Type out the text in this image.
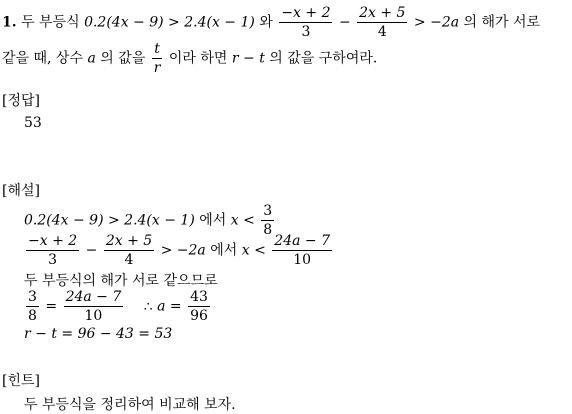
1. 두 부등식 0.2(4x − 9) > 2.4(x − 1) 와 $\frac{-x + 2}{3} - \frac{2x + 5}{4} > -2a$ 의 해가 서로
같을 때, 상수 a 의 값을 $\frac{t}{r}$ 이라 하면 r − t 의 값을 구하여라.
[정답]
53
[해설]
0.2(4x − 9) > 2.4(x − 1) 에서 $x < \frac{3}{8}$
$\frac{-x + 2}{3} - \frac{2x + 5}{4} > -2a$ 에서 $x < \frac{24a - 7}{10}$
두 부등식의 해가 서로 같으므로
$\frac{3}{8} = \frac{24a - 7}{10}$ ∴ $a = \frac{43}{96}$
r − t = 96 − 43 = 53
[힌트]
두 부등식을 정리하여 비교해 보자.
